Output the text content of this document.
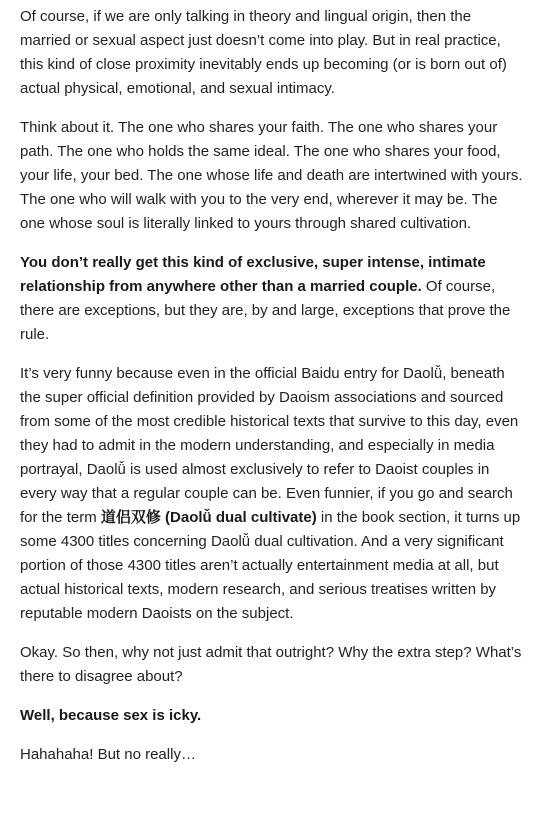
Of course, if we are only talking in theory and lingual origin, then the married or sexual aspect just doesn’t come into play. But in real practice, this kind of close proximity inevitably ends up becoming (or is born out of) actual physical, emotional, and sexual intimacy.

Think about it. The one who shares your faith. The one who shares your path. The one who holds the same ideal. The one who shares your food, your life, your bed. The one whose life and death are intertwined with yours. The one who will walk with you to the very end, wherever it may be. The one whose soul is literally linked to yours through shared cultivation.

You don’t really get this kind of exclusive, super intense, intimate relationship from anywhere other than a married couple. Of course, there are exceptions, but they are, by and large, exceptions that prove the rule.

It’s very funny because even in the official Baidu entry for Daolǚ, beneath the super official definition provided by Daoism associations and sourced from some of the most credible historical texts that survive to this day, even they had to admit in the modern understanding, and especially in media portrayal, Daolǚ is used almost exclusively to refer to Daoist couples in every way that a regular couple can be. Even funnier, if you go and search for the term 道侣双修 (Daolǚ dual cultivate) in the book section, it turns up some 4300 titles concerning Daolǚ dual cultivation. And a very significant portion of those 4300 titles aren’t actually entertainment media at all, but actual historical texts, modern research, and serious treatises written by reputable modern Daoists on the subject.

Okay. So then, why not just admit that outright? Why the extra step? What’s there to disagree about?

Well, because sex is icky.

Hahahaha! But no really…
